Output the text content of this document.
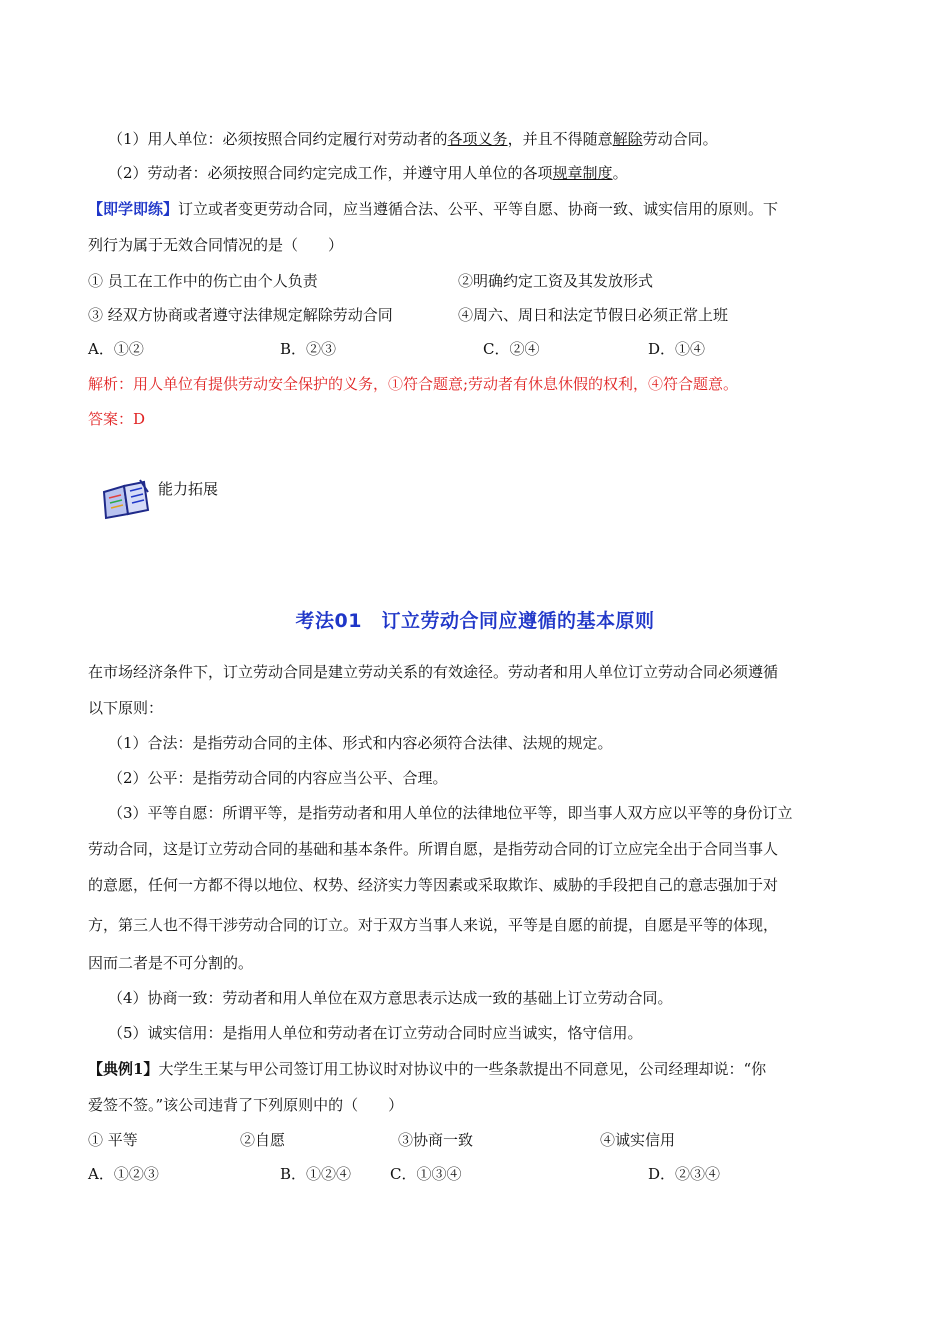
（1）用人单位：必须按照合同约定履行对劳动者的各项义务，并且不得随意解除劳动合同。
（2）劳动者：必须按照合同约定完成工作，并遵守用人单位的各项规章制度。
【即学即练】订立或者变更劳动合同，应当遵循合法、公平、平等自愿、协商一致、诚实信用的原则。下
列行为属于无效合同情况的是（　　）
① 员工在工作中的伤亡由个人负责	②明确约定工资及其发放形式
③ 经双方协商或者遵守法律规定解除劳动合同	④周六、周日和法定节假日必须正常上班
A．①②	B．②③	C．②④	D．①④
解析：用人单位有提供劳动安全保护的义务，①符合题意;劳动者有休息休假的权利，④符合题意。
答案：D
能力拓展
考法01　订立劳动合同应遵循的基本原则
在市场经济条件下，订立劳动合同是建立劳动关系的有效途径。劳动者和用人单位订立劳动合同必须遵循
以下原则：
（1）合法：是指劳动合同的主体、形式和内容必须符合法律、法规的规定。
（2）公平：是指劳动合同的内容应当公平、合理。
（3）平等自愿：所谓平等，是指劳动者和用人单位的法律地位平等，即当事人双方应以平等的身份订立
劳动合同，这是订立劳动合同的基础和基本条件。所谓自愿，是指劳动合同的订立应完全出于合同当事人
的意愿，任何一方都不得以地位、权势、经济实力等因素或采取欺诈、威胁的手段把自己的意志强加于对
方，第三人也不得干涉劳动合同的订立。对于双方当事人来说，平等是自愿的前提，自愿是平等的体现，
因而二者是不可分割的。
（4）协商一致：劳动者和用人单位在双方意思表示达成一致的基础上订立劳动合同。
（5）诚实信用：是指用人单位和劳动者在订立劳动合同时应当诚实，恪守信用。
【典例1】大学生王某与甲公司签订用工协议时对协议中的一些条款提出不同意见，公司经理却说：“你
爱签不签。”该公司违背了下列原则中的（　　）
① 平等	②自愿	③协商一致	④诚实信用
A．①②③	B．①②④	C．①③④	D．②③④
